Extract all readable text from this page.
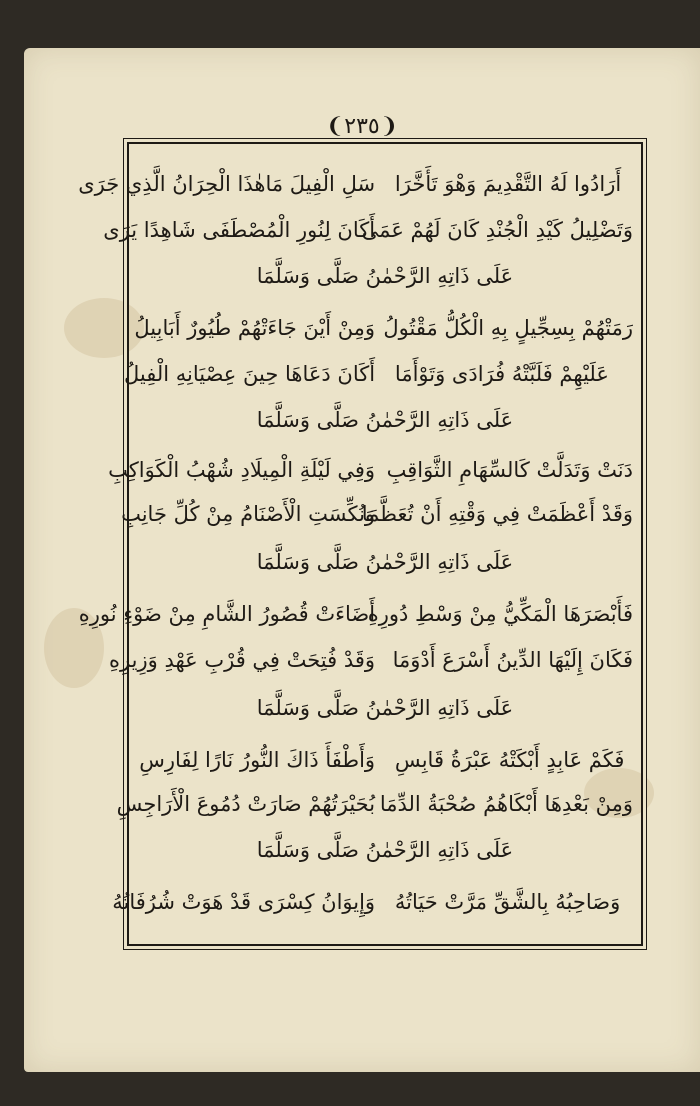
❨٢٣٥❩
سَلِ الْفِيلَ مَاهٰذَا الْحِرَانُ الَّذِي جَرَى أَرَادُوا لَهُ التَّقْدِيمَ وَهْوَ تَأَخَّرَا
أَكَانَ لِنُورِ الْمُصْطَفَى شَاهِدًا يَرَى
وَتَضْلِيلُ كَيْدِ الْجُنْدِ كَانَ لَهُمْ عَمَى
عَلَى ذَاتِهِ الرَّحْمٰنُ صَلَّى وَسَلَّمَا
وَمِنْ أَيْنَ جَاءَتْهُمْ طُيُورٌ أَبَابِيلُ رَمَتْهُمْ بِسِجِّيلٍ بِهِ الْكُلُّ مَقْتُولُ
أَكَانَ دَعَاهَا حِينَ عِصْيَانِهِ الْفِيلُ عَلَيْهِمْ فَلَبَّتْهُ فُرَادَى وَتَوْأَمَا
عَلَى ذَاتِهِ الرَّحْمٰنُ صَلَّى وَسَلَّمَا
وَفِي لَيْلَةِ الْمِيلَادِ شُهْبُ الْكَوَاكِبِ دَنَتْ وَتَدَلَّتْ كَالسِّهَامِ الثَّوَاقِبِ
وَنُكِّسَتِ الْأَصْنَامُ مِنْ كُلِّ جَانِبِ
وَقَدْ أَعْظَمَتْ فِي وَقْتِهِ أَنْ تُعَظَّمَا
عَلَى ذَاتِهِ الرَّحْمٰنُ صَلَّى وَسَلَّمَا
أَضَاءَتْ قُصُورُ الشَّامِ مِنْ ضَوْءِ نُورِهِ
فَأَبْصَرَهَا الْمَكِّيُّ مِنْ وَسْطِ دُورِهِ
وَقَدْ فُتِحَتْ فِي قُرْبِ عَهْدِ وَزِيرِهِ فَكَانَ إِلَيْهَا الدِّينُ أَسْرَعَ أَدْوَمَا
عَلَى ذَاتِهِ الرَّحْمٰنُ صَلَّى وَسَلَّمَا
وَأَطْفَأَ ذَاكَ النُّورُ نَارًا لِفَارِسِ فَكَمْ عَابِدٍ أَبْكَتْهُ عَبْرَةُ قَابِسِ
بُحَيْرَتُهُمْ صَارَتْ دُمُوعَ الْأَرَاجِسِ وَمِنْ بَعْدِهَا أَبْكَاهُمُ صُحْبَةُ الدِّمَا
عَلَى ذَاتِهِ الرَّحْمٰنُ صَلَّى وَسَلَّمَا
وَإِيوَانُ كِسْرَى قَدْ هَوَتْ شُرُفَاتُهُ وَصَاحِبُهُ بِالشَّقِّ مَرَّتْ حَيَاتُهُ
